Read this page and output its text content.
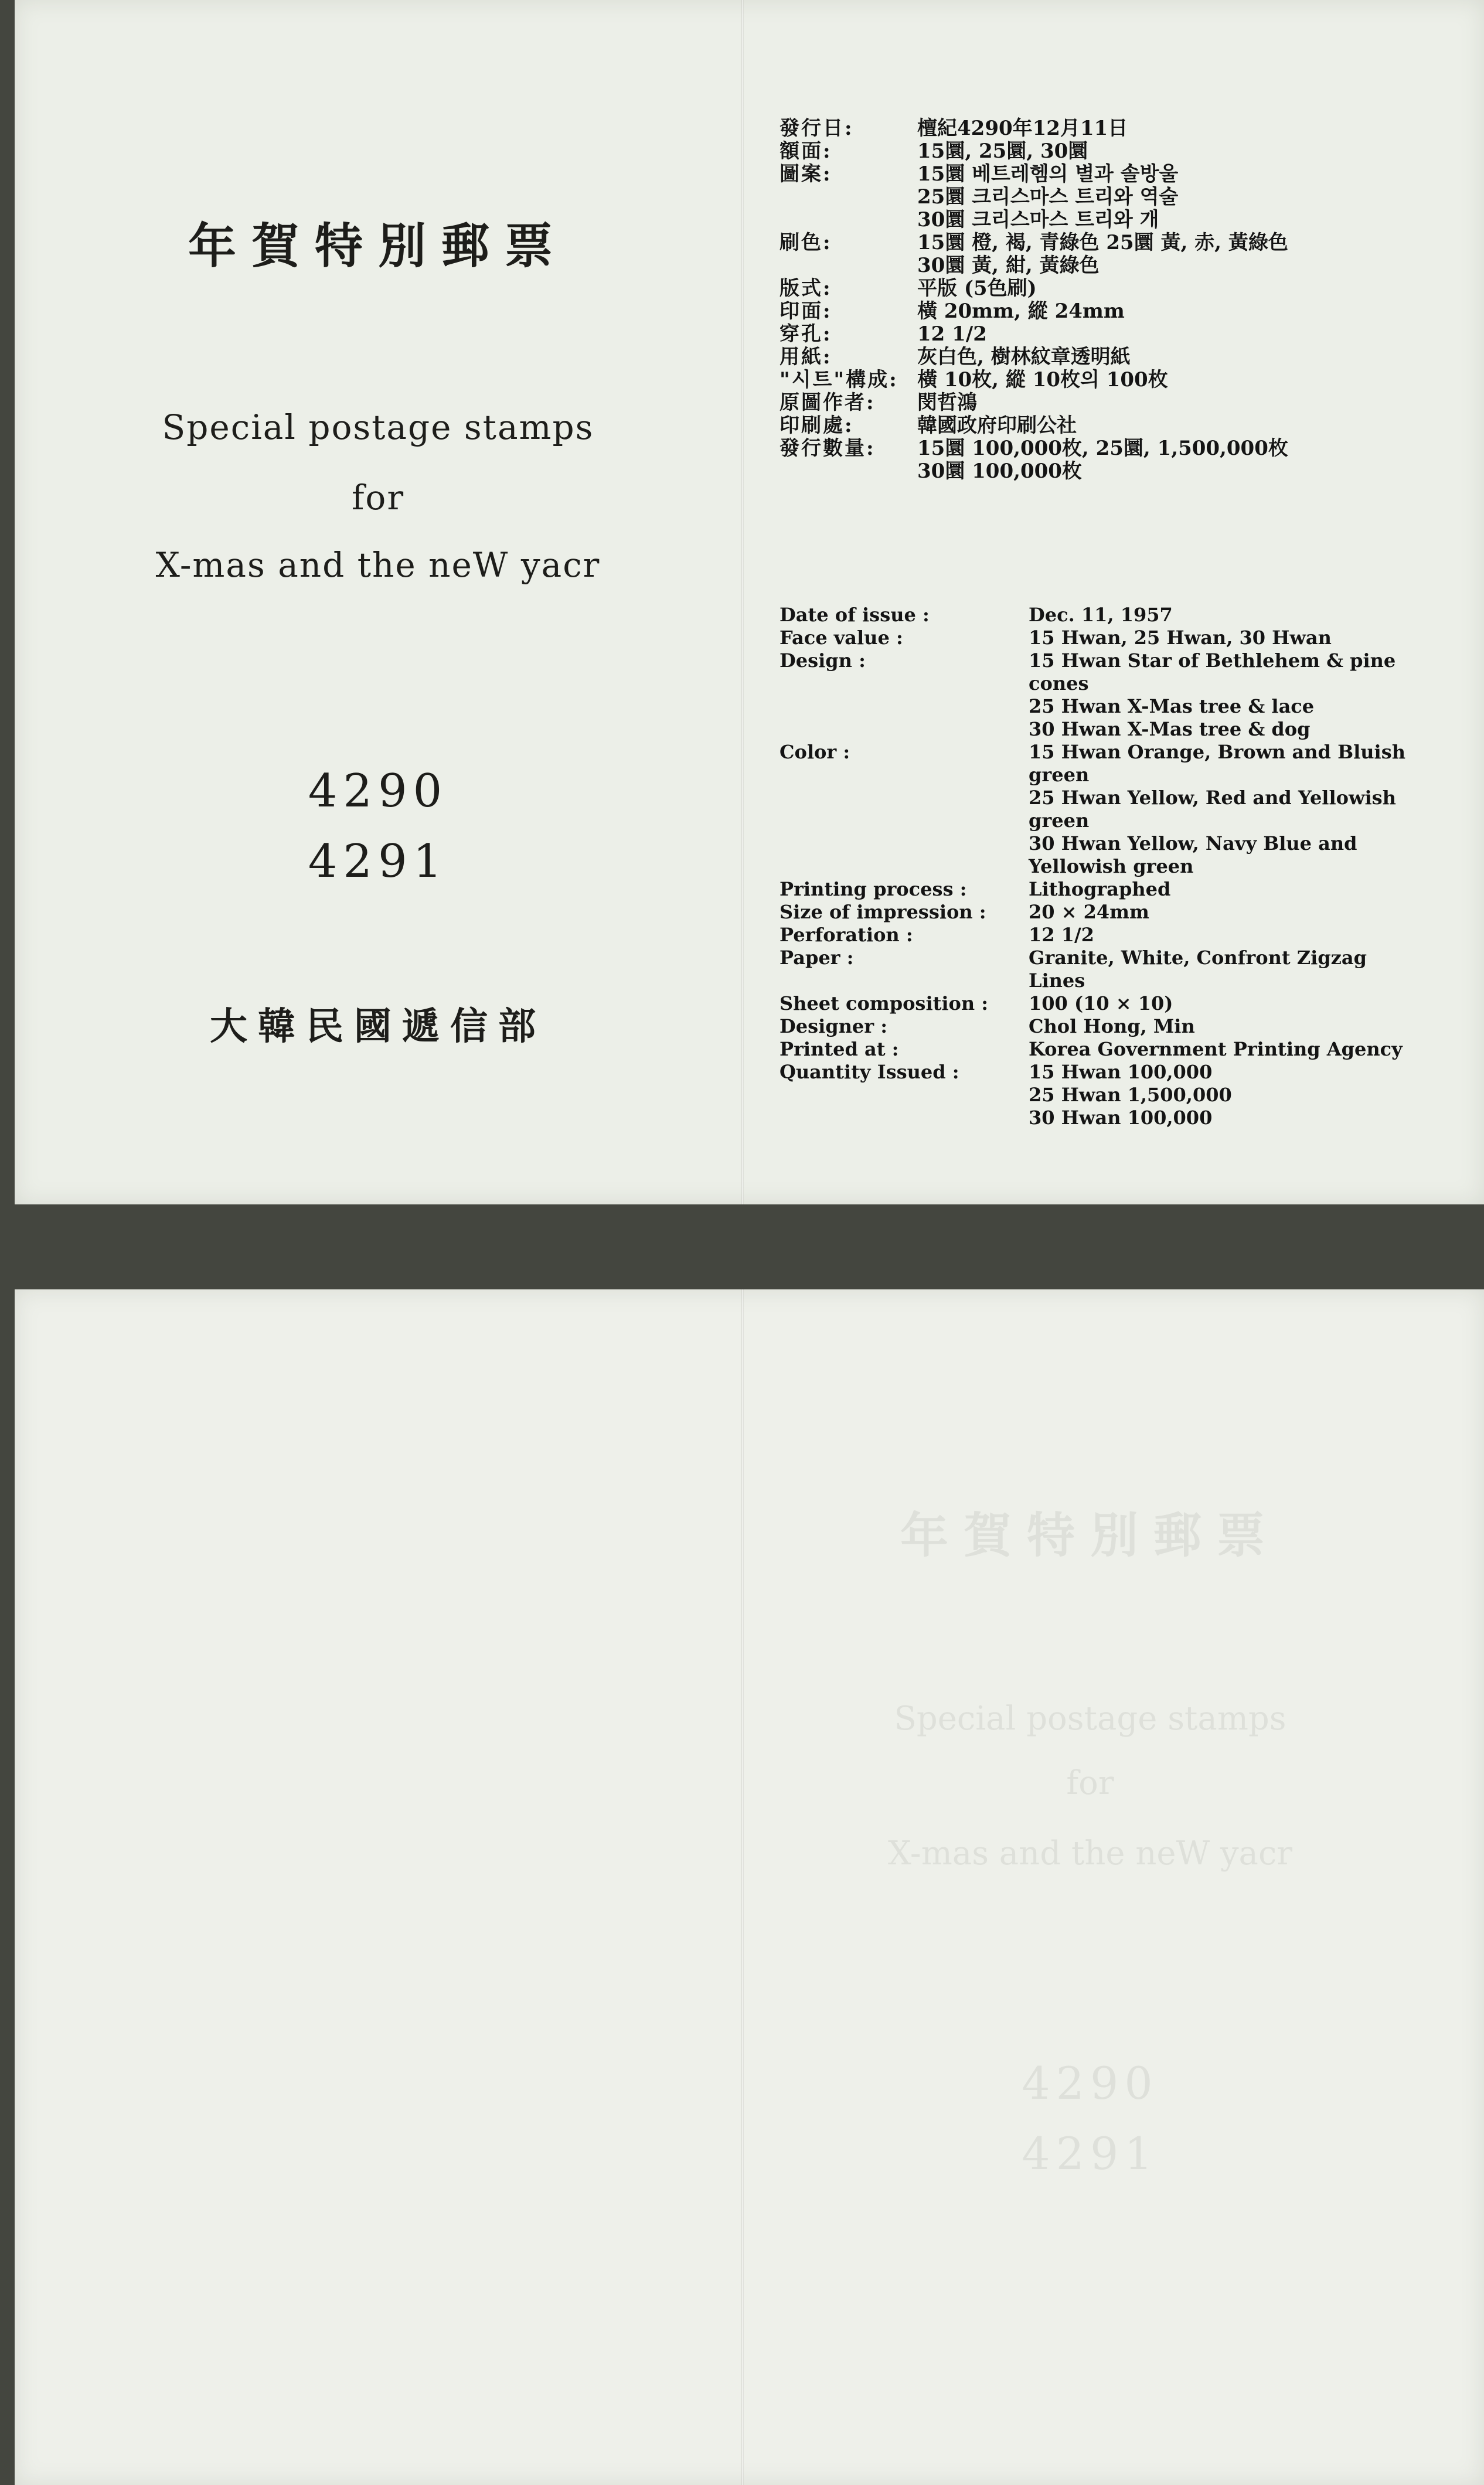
年賀特別郵票
Special postage stamps
for
X-mas and the neW yacr
4290
4291
大韓民國遞信部
發行日:	檀紀4290年12月11日
額面:	15圜, 25圜, 30圜
圖案:	15圜 베트레헴의 별과 솔방울
25圜 크리스마스 트리와 역술
30圜 크리스마스 트리와 개
刷色:	15圜 橙, 褐, 青綠色 25圜 黃, 赤, 黃綠色
30圜 黃, 紺, 黃綠色
版式:	平版 (5色刷)
印面:	橫 20mm, 縱 24mm
穿孔:	12 1/2
用紙:	灰白色, 樹林紋章透明紙
"시트"構成: 橫 10枚, 縱 10枚의 100枚
原圖作者:	閔哲鴻
印刷處:	韓國政府印刷公社
發行數量:	15圜 100,000枚, 25圜, 1,500,000枚
30圜 100,000枚
Date of issue :	Dec. 11, 1957
Face value :	15 Hwan, 25 Hwan, 30 Hwan
Design :	15 Hwan Star of Bethlehem & pine
cones
25 Hwan X-Mas tree & lace
30 Hwan X-Mas tree & dog
Color :	15 Hwan Orange, Brown and Bluish
green
25 Hwan Yellow, Red and Yellowish
green
30 Hwan Yellow, Navy Blue and
Yellowish green
Printing process :	Lithographed
Size of impression :	20 × 24mm
Perforation :	12 1/2
Paper :	Granite, White, Confront Zigzag
Lines
Sheet composition :	100 (10 × 10)
Designer :	Chol Hong, Min
Printed at :	Korea Government Printing Agency
Quantity Issued :	15 Hwan 100,000
25 Hwan 1,500,000
30 Hwan 100,000
年賀特別郵票
Special postage stamps
for
X-mas and the neW yacr
4290
4291
